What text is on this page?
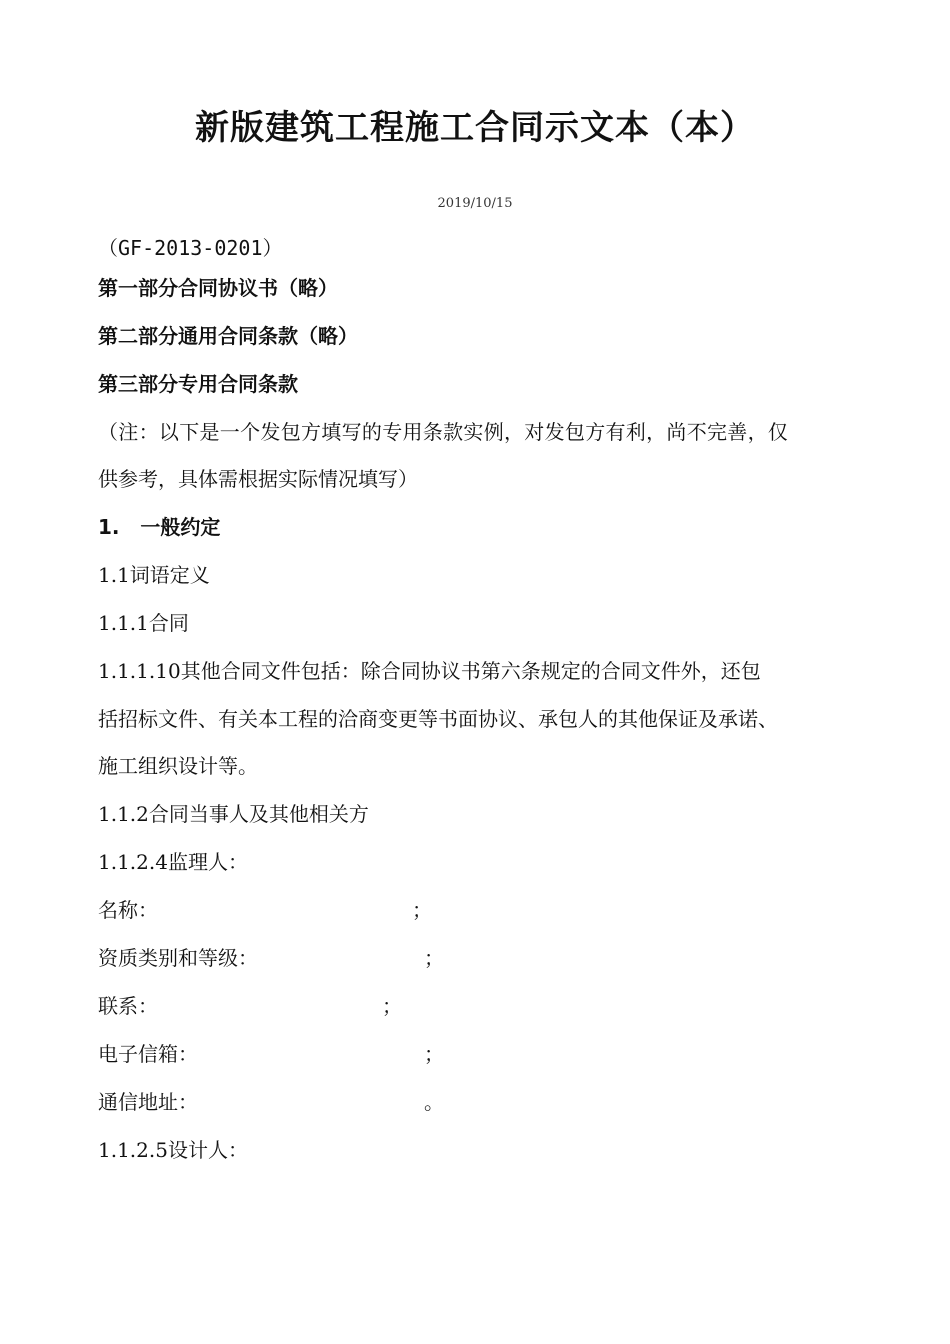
新版建筑工程施工合同示文本（本）
2019/10/15
（GF-2013-0201）
第一部分合同协议书（略）
第二部分通用合同条款（略）
第三部分专用合同条款
（注：以下是一个发包方填写的专用条款实例，对发包方有利，尚不完善，仅
供参考，具体需根据实际情况填写）
1.   一般约定
1.1词语定义
1.1.1合同
1.1.1.10其他合同文件包括：除合同协议书第六条规定的合同文件外，还包
括招标文件、有关本工程的洽商变更等书面协议、承包人的其他保证及承诺、
施工组织设计等。
1.1.2合同当事人及其他相关方
1.1.2.4监理人：
名称：	；
资质类别和等级：	；
联系：	；
电子信箱：	；
通信地址：	。
1.1.2.5设计人：
